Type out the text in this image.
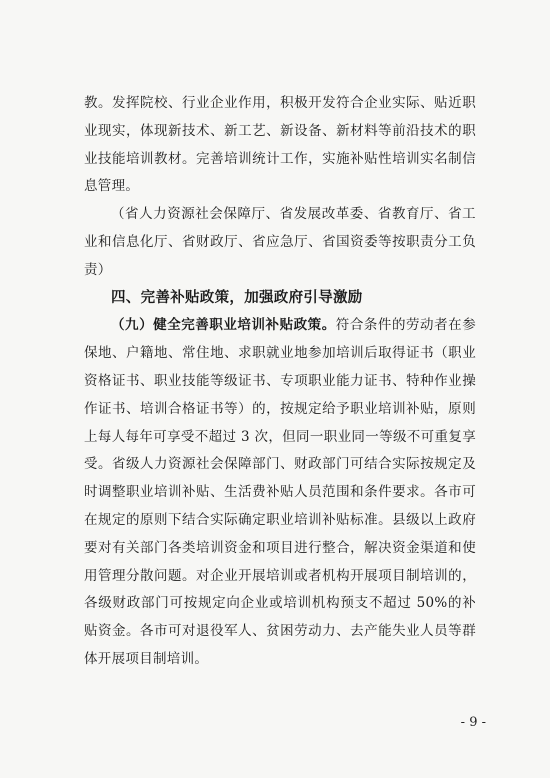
教。发挥院校、行业企业作用，积极开发符合企业实际、贴近职业现实，体现新技术、新工艺、新设备、新材料等前沿技术的职业技能培训教材。完善培训统计工作，实施补贴性培训实名制信息管理。

（省人力资源社会保障厅、省发展改革委、省教育厅、省工业和信息化厅、省财政厅、省应急厅、省国资委等按职责分工负责）

四、完善补贴政策，加强政府引导激励

（九）健全完善职业培训补贴政策。符合条件的劳动者在参保地、户籍地、常住地、求职就业地参加培训后取得证书（职业资格证书、职业技能等级证书、专项职业能力证书、特种作业操作证书、培训合格证书等）的，按规定给予职业培训补贴，原则上每人每年可享受不超过 3 次，但同一职业同一等级不可重复享受。省级人力资源社会保障部门、财政部门可结合实际按规定及时调整职业培训补贴、生活费补贴人员范围和条件要求。各市可在规定的原则下结合实际确定职业培训补贴标准。县级以上政府要对有关部门各类培训资金和项目进行整合，解决资金渠道和使用管理分散问题。对企业开展培训或者机构开展项目制培训的，各级财政部门可按规定向企业或培训机构预支不超过 50%的补贴资金。各市可对退役军人、贫困劳动力、去产能失业人员等群体开展项目制培训。

- 9 -
